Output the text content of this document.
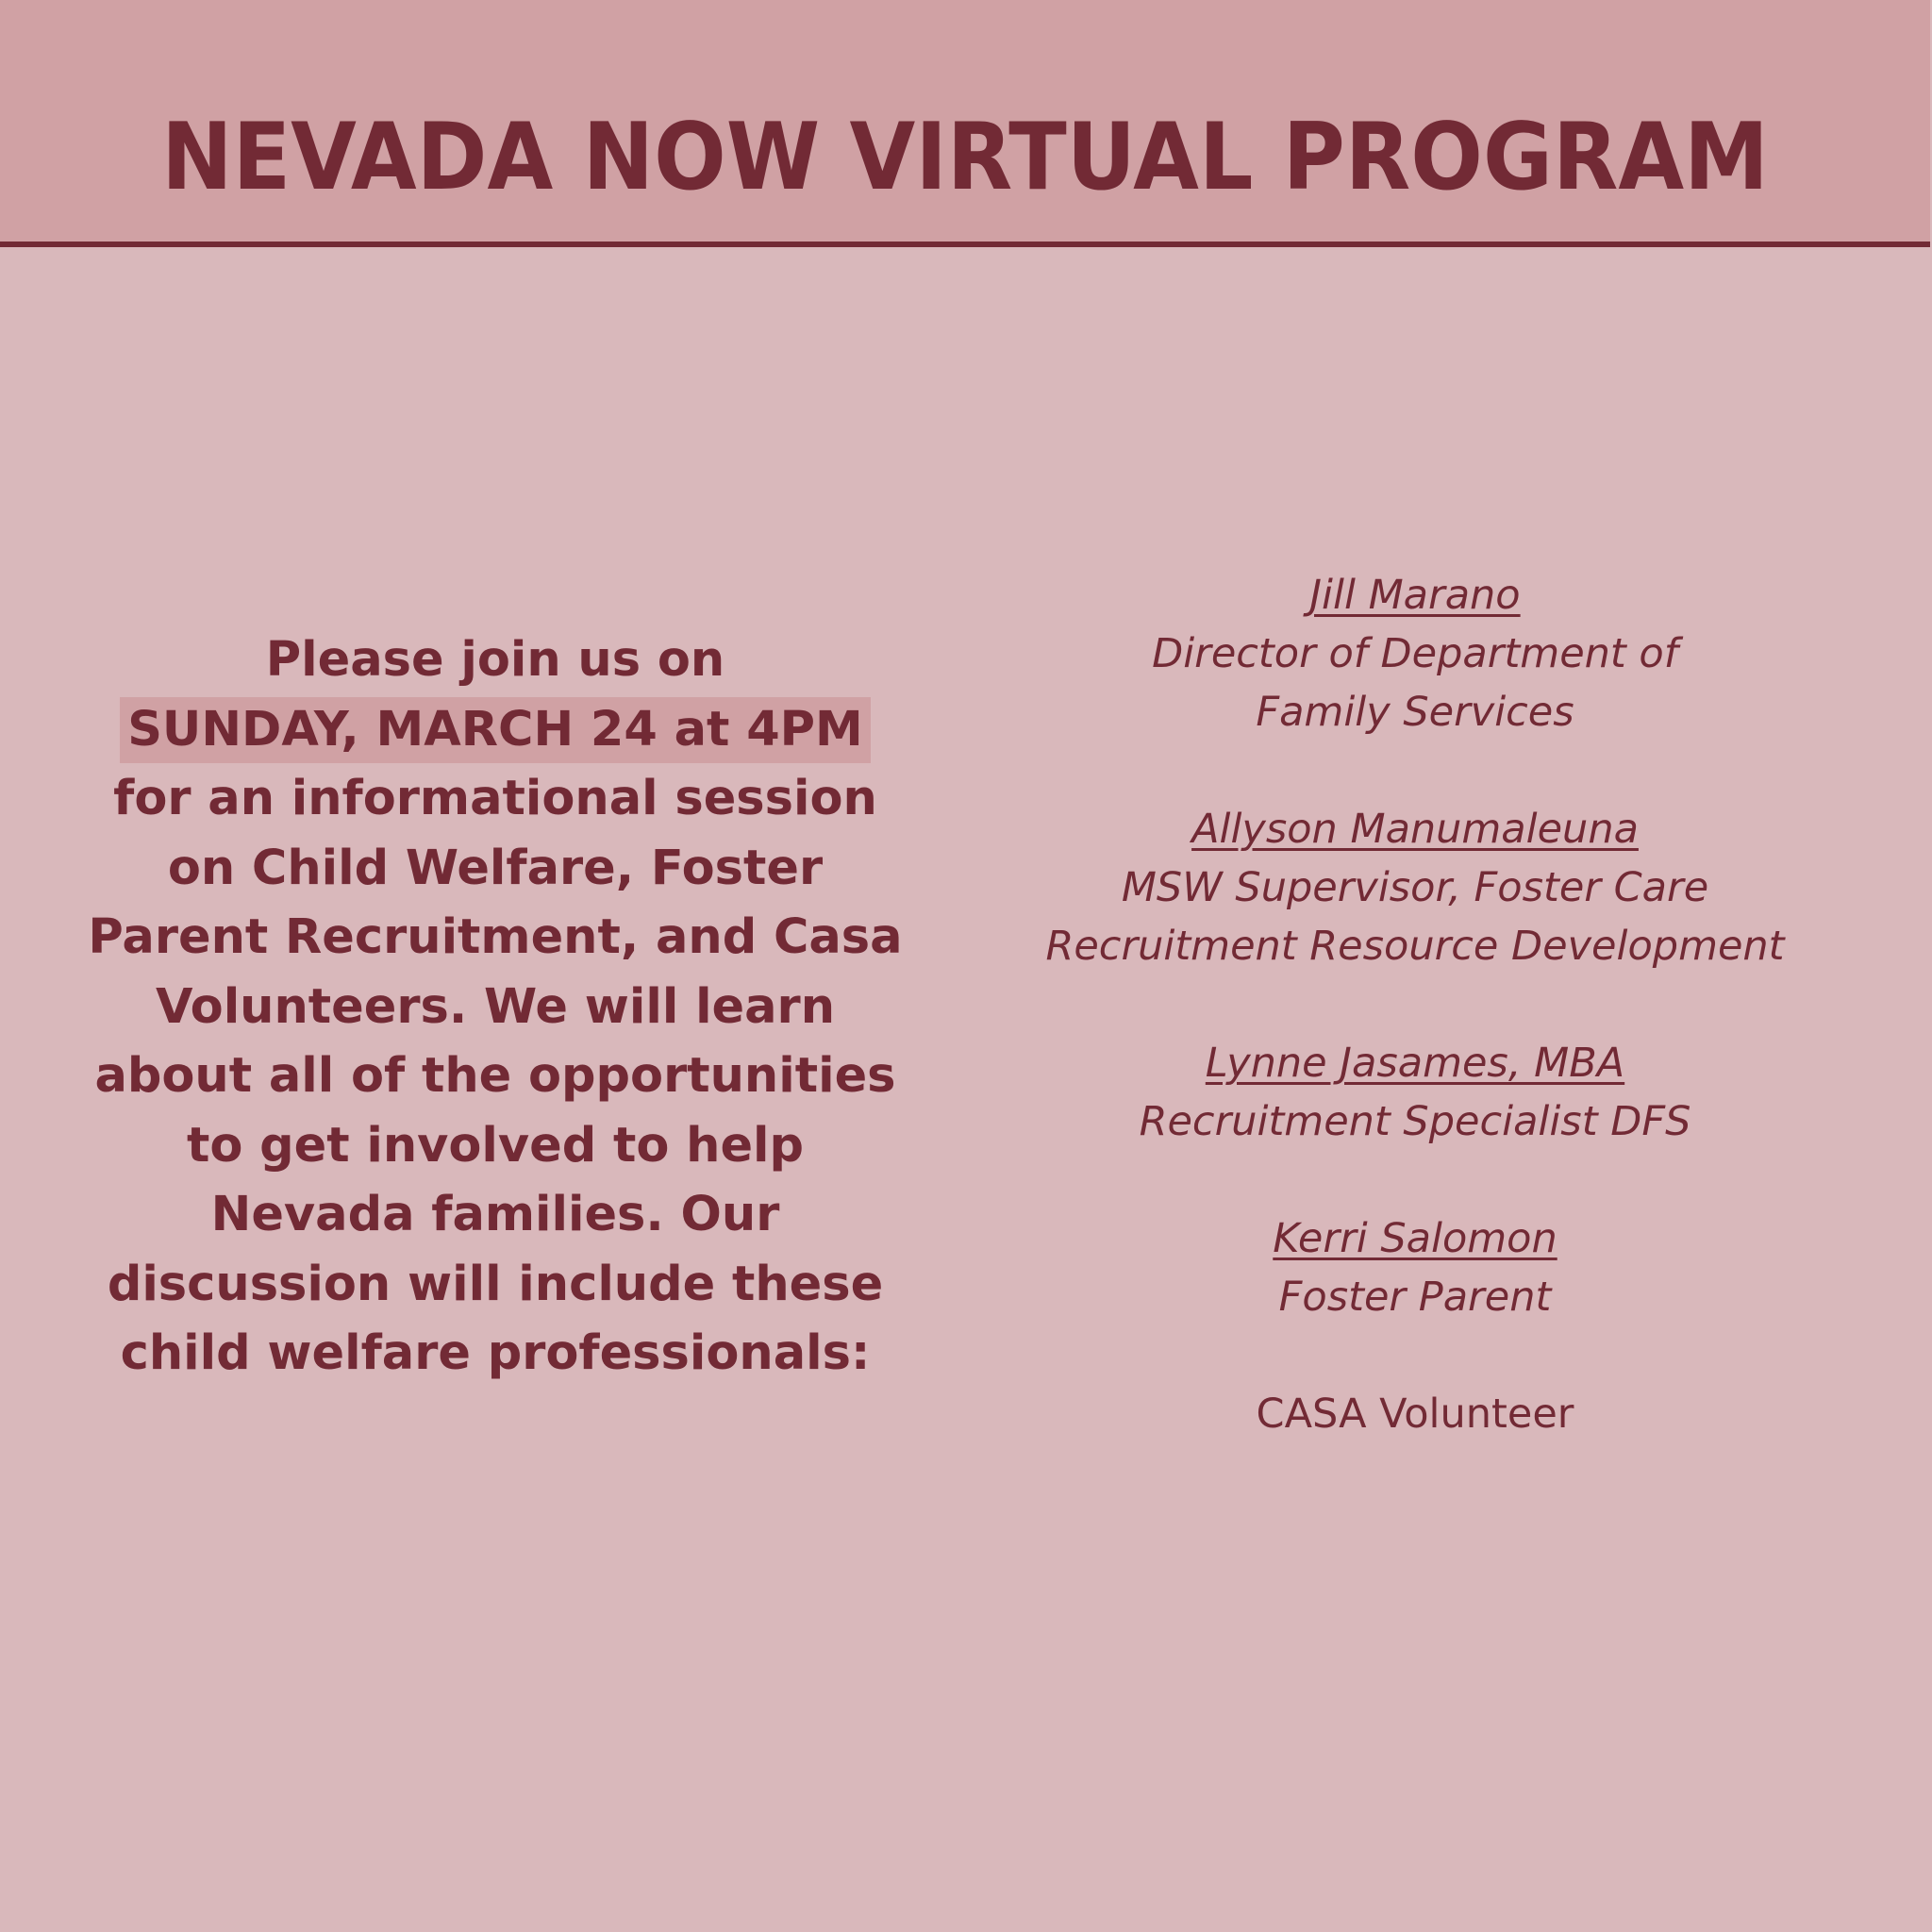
NEVADA NOW VIRTUAL PROGRAM
Please join us on
SUNDAY, MARCH 24 at 4PM
for an informational session
on Child Welfare, Foster
Parent Recruitment, and Casa
Volunteers. We will learn
about all of the opportunities
to get involved to help
Nevada families. Our
discussion will include these
child welfare professionals:
Jill Marano
Director of Department of
Family Services
Allyson Manumaleuna
MSW Supervisor, Foster Care
Recruitment Resource Development
Lynne Jasames, MBA
Recruitment Specialist DFS
Kerri Salomon
Foster Parent
CASA Volunteer
